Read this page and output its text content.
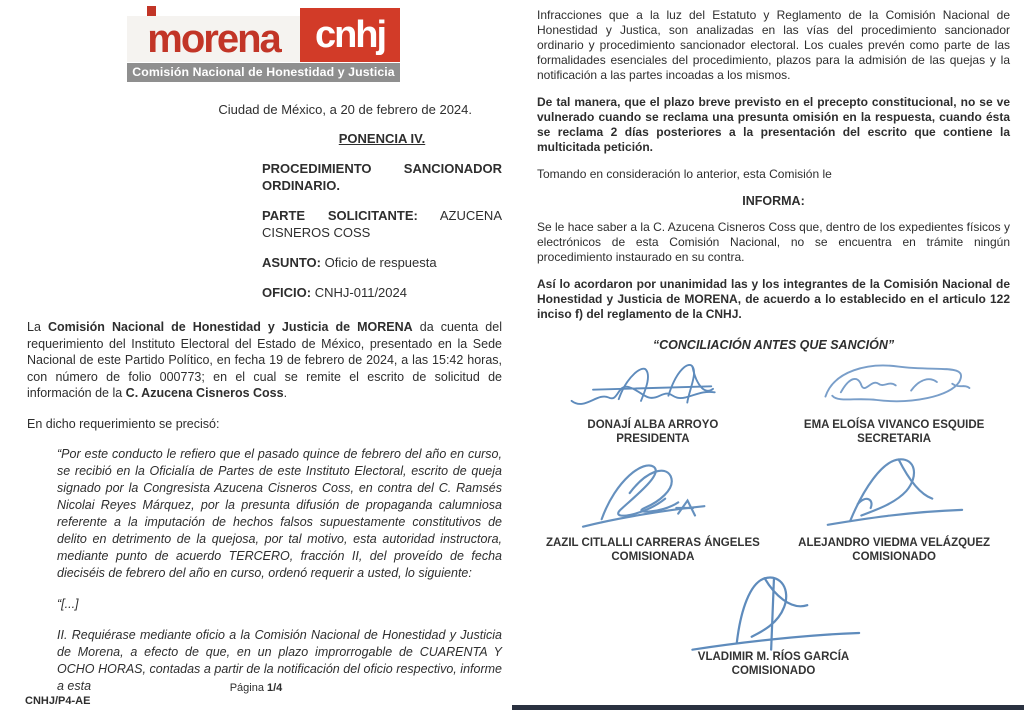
morena cnhj
Comisión Nacional de Honestidad y Justicia
Ciudad de México, a 20 de febrero de 2024.
PONENCIA IV.
PROCEDIMIENTO SANCIONADOR ORDINARIO.
PARTE SOLICITANTE: AZUCENA CISNEROS COSS
ASUNTO: Oficio de respuesta
OFICIO: CNHJ-011/2024
La Comisión Nacional de Honestidad y Justicia de MORENA da cuenta del requerimiento del Instituto Electoral del Estado de México, presentado en la Sede Nacional de este Partido Político, en fecha 19 de febrero de 2024, a las 15:42 horas, con número de folio 000773; en el cual se remite el escrito de solicitud de información de la C. Azucena Cisneros Coss.
En dicho requerimiento se precisó:
“Por este conducto le refiero que el pasado quince de febrero del año en curso, se recibió en la Oficialía de Partes de este Instituto Electoral, escrito de queja signado por la Congresista Azucena Cisneros Coss, en contra del C. Ramsés Nicolai Reyes Márquez, por la presunta difusión de propaganda calumniosa referente a la imputación de hechos falsos supuestamente constitutivos de delito en detrimento de la quejosa, por tal motivo, esta autoridad instructora, mediante punto de acuerdo TERCERO, fracción II, del proveído de fecha dieciséis de febrero del año en curso, ordenó requerir a usted, lo siguiente:
“[...]
II. Requiérase mediante oficio a la Comisión Nacional de Honestidad y Justicia de Morena, a efecto de que, en un plazo improrrogable de CUARENTA Y OCHO HORAS, contadas a partir de la notificación del oficio respectivo, informe a esta	Página 1/4
CNHJ/P4-AE
Infracciones que a la luz del Estatuto y Reglamento de la Comisión Nacional de Honestidad y Justica, son analizadas en las vías del procedimiento sancionador ordinario y procedimiento sancionador electoral. Los cuales prevén como parte de las formalidades esenciales del procedimiento, plazos para la admisión de las quejas y la notificación a las partes incoadas a los mismos.
De tal manera, que el plazo breve previsto en el precepto constitucional, no se ve vulnerado cuando se reclama una presunta omisión en la respuesta, cuando ésta se reclama 2 días posteriores a la presentación del escrito que contiene la multicitada petición.
Tomando en consideración lo anterior, esta Comisión le
INFORMA:
Se le hace saber a la C. Azucena Cisneros Coss que, dentro de los expedientes físicos y electrónicos de esta Comisión Nacional, no se encuentra en trámite ningún procedimiento instaurado en su contra.
Así lo acordaron por unanimidad las y los integrantes de la Comisión Nacional de Honestidad y Justicia de MORENA, de acuerdo a lo establecido en el articulo 122 inciso f) del reglamento de la CNHJ.
“CONCILIACIÓN ANTES QUE SANCIÓN”
DONAJÍ ALBA ARROYO
PRESIDENTA
EMA ELOÍSA VIVANCO ESQUIDE
SECRETARIA
ZAZIL CITLALLI CARRERAS ÁNGELES
COMISIONADA
ALEJANDRO VIEDMA VELÁZQUEZ
COMISIONADO
VLADIMIR M. RÍOS GARCÍA
COMISIONADO
